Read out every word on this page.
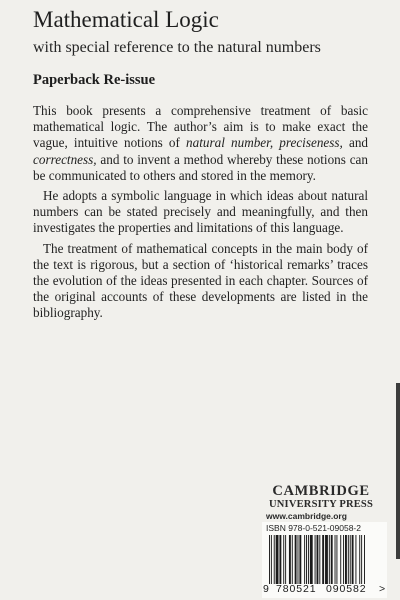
Mathematical Logic
with special reference to the natural numbers
Paperback Re-issue

This book presents a comprehensive treatment of basic mathematical logic. The author’s aim is to make exact the vague, intuitive notions of natural number, preciseness, and correctness, and to invent a method whereby these notions can be communicated to others and stored in the memory.

He adopts a symbolic language in which ideas about natural numbers can be stated precisely and meaningfully, and then investigates the properties and limitations of this language.

The treatment of mathematical concepts in the main body of the text is rigorous, but a section of ‘historical remarks’ traces the evolution of the ideas presented in each chapter. Sources of the original accounts of these developments are listed in the bibliography.

CAMBRIDGE
UNIVERSITY PRESS
www.cambridge.org
ISBN 978-0-521-09058-2
9 780521 090582 >
